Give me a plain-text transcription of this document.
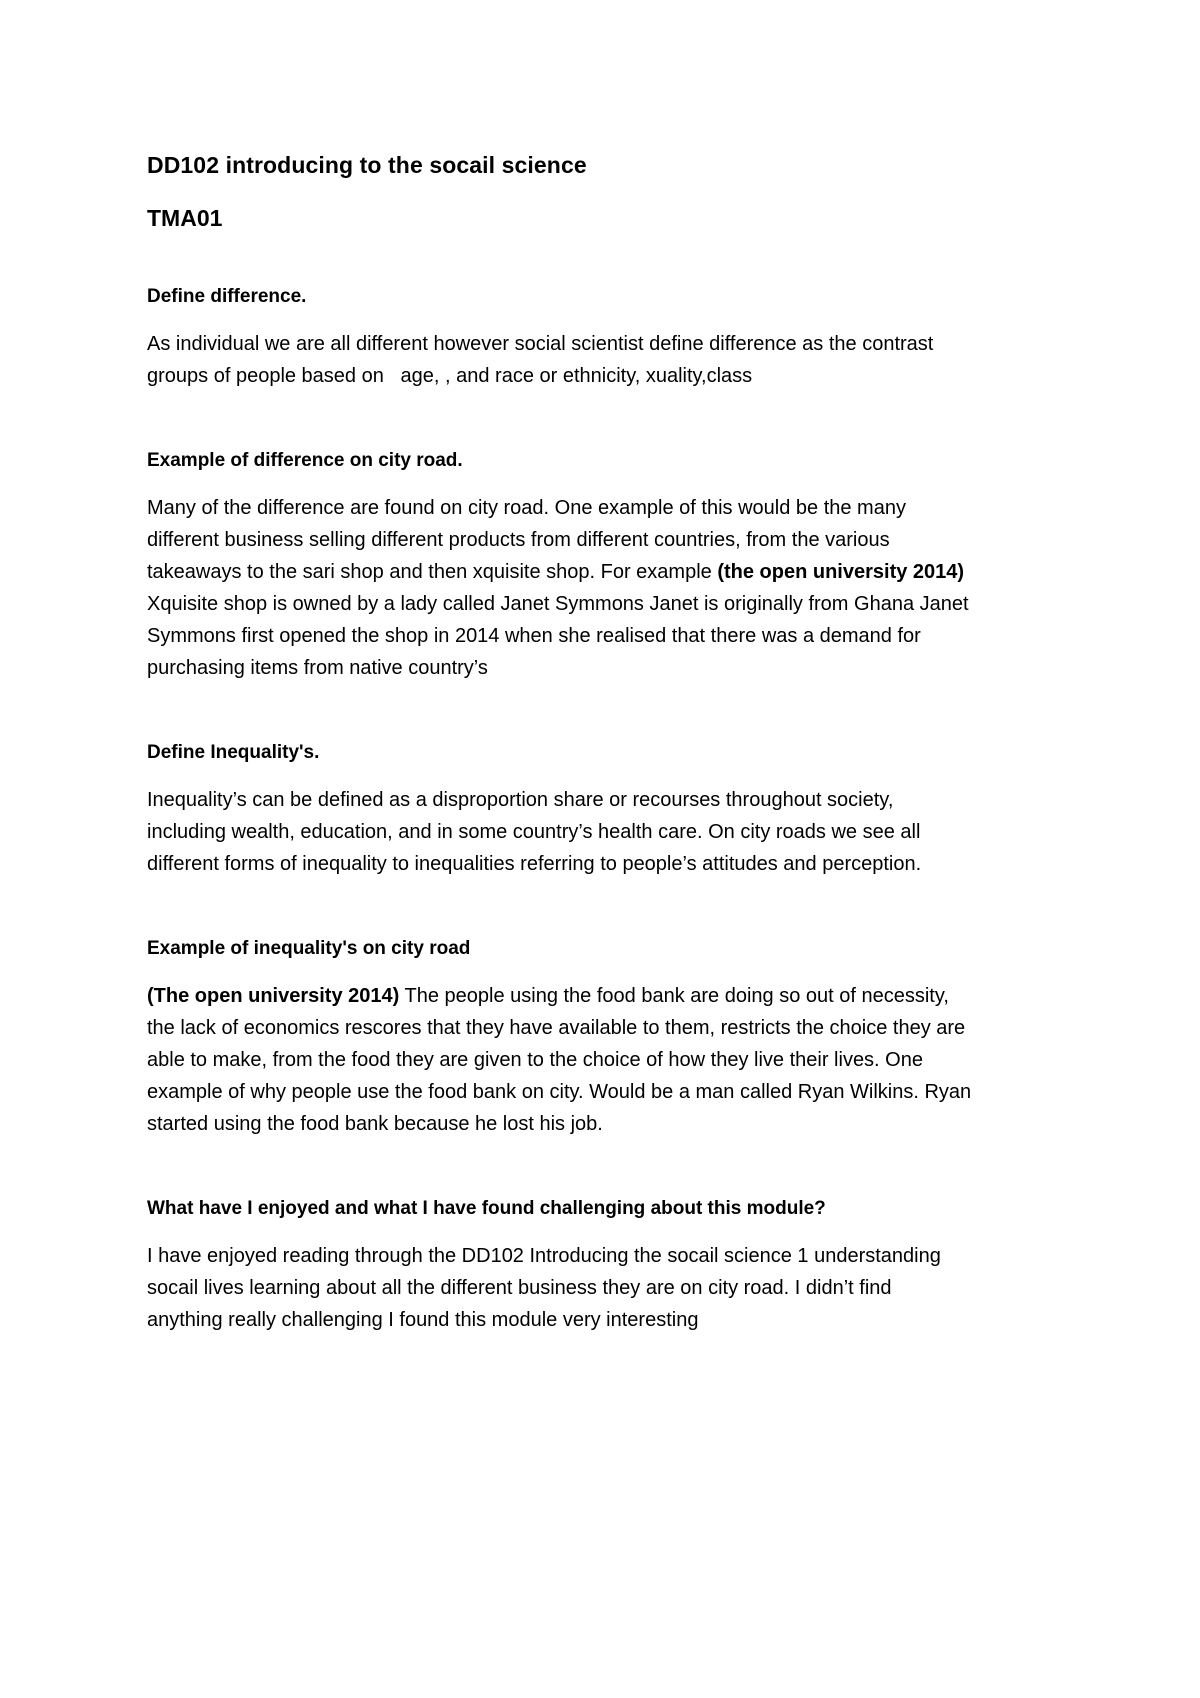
DD102 introducing to the socail science
TMA01
Define difference.

As individual we are all different however social scientist define difference as the contrast
groups of people based on   age, , and race or ethnicity, xuality,class

Example of difference on city road.

Many of the difference are found on city road. One example of this would be the many
different business selling different products from different countries, from the various
takeaways to the sari shop and then xquisite shop. For example (the open university 2014)
Xquisite shop is owned by a lady called Janet Symmons Janet is originally from Ghana Janet
Symmons first opened the shop in 2014 when she realised that there was a demand for
purchasing items from native country’s

Define Inequality's.

Inequality’s can be defined as a disproportion share or recourses throughout society,
including wealth, education, and in some country’s health care. On city roads we see all
different forms of inequality to inequalities referring to people’s attitudes and perception.

Example of inequality's on city road

(The open university 2014) The people using the food bank are doing so out of necessity,
the lack of economics rescores that they have available to them, restricts the choice they are
able to make, from the food they are given to the choice of how they live their lives. One
example of why people use the food bank on city. Would be a man called Ryan Wilkins. Ryan
started using the food bank because he lost his job.

What have I enjoyed and what I have found challenging about this module?

I have enjoyed reading through the DD102 Introducing the socail science 1 understanding
socail lives learning about all the different business they are on city road. I didn’t find
anything really challenging I found this module very interesting
